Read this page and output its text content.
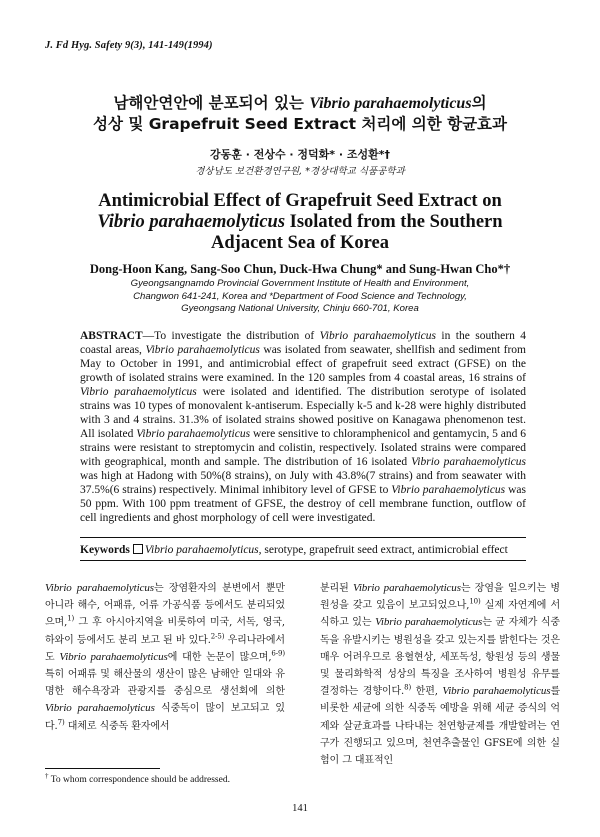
J. Fd Hyg. Safety 9(3), 141-149(1994)
남해안연안에 분포되어 있는 Vibrio parahaemolyticus의
성상 및 Grapefruit Seed Extract 처리에 의한 항균효과
강동훈 · 전상수 · 정덕화* · 조성환*†
경상남도 보건환경연구원, *경상대학교 식품공학과
Antimicrobial Effect of Grapefruit Seed Extract on
Vibrio parahaemolyticus Isolated from the Southern
Adjacent Sea of Korea
Dong-Hoon Kang, Sang-Soo Chun, Duck-Hwa Chung* and Sung-Hwan Cho*†
Gyeongsangnamdo Provincial Government Institute of Health and Environment,
Changwon 641-241, Korea and *Department of Food Science and Technology,
Gyeongsang National University, Chinju 660-701, Korea
ABSTRACT—To investigate the distribution of Vibrio parahaemolyticus in the southern 4 coastal areas, Vibrio parahaemolyticus was isolated from seawater, shellfish and sediment from May to October in 1991, and antimicrobial effect of grapefruit seed extract (GFSE) on the growth of isolated strains were examined. In the 120 samples from 4 coastal areas, 16 strains of Vibrio parahaemolyticus were isolated and identified. The distribution serotype of isolated strains was 10 types of monovalent k-antiserum. Especially k-5 and k-28 were highly distributed with 3 and 4 strains. 31.3% of isolated strains showed positive on Kanagawa phenomenon test. All isolated Vibrio parahaemolyticus were sensitive to chloramphenicol and gentamycin, 5 and 6 strains were resistant to streptomycin and colistin, respectively. Isolated strains were compared with geographical, month and sample. The distribution of 16 isolated Vibrio parahaemolyticus was high at Hadong with 50%(8 strains), on July with 43.8%(7 strains) and from seawater with 37.5%(6 strains) respectively. Minimal inhibitory level of GFSE to Vibrio parahaemolyticus was 50 ppm. With 100 ppm treatment of GFSE, the destroy of cell membrane function, outflow of cell ingredients and ghost morphology of cell were investigated.
Keywords Vibrio parahaemolyticus, serotype, grapefruit seed extract, antimicrobial effect
Vibrio parahaemolyticus는 장염환자의 분변에서 뿐만 아니라 해수, 어패류, 어류 가공식품 등에서도 분리되었으며,$^{1)}$ 그 후 아시아지역을 비롯하여 미국, 서독, 영국, 하와이 등에서도 분리 보고 된 바 있다.$^{2-5)}$ 우리나라에서도 Vibrio parahaemolyticus에 대한 논문이 많으며,$^{6-9)}$ 특히 어패류 및 해산물의 생산이 많은 남해안 일대와 유명한 해수욕장과 관광지를 중심으로 생선회에 의한 Vibrio parahaemolyticus 식중독이 많이 보고되고 있다.$^{7)}$ 대체로 식중독 환자에서
분리된 Vibrio parahaemolyticus는 장염을 일으키는 병원성을 갖고 있음이 보고되었으나,$^{10)}$ 실제 자연계에 서식하고 있는 Vibrio parahaemolyticus는 균 자체가 식중독을 유발시키는 병원성을 갖고 있는지를 밝힌다는 것은 매우 어려우므로 용혈현상, 세포독성, 항원성 등의 생물 및 물리화학적 성상의 특징을 조사하여 병원성 유무를 결정하는 경향이다.$^{8)}$ 한편, Vibrio parahaemolyticus를 비롯한 세균에 의한 식중독 예방을 위해 세균 증식의 억제와 살균효과를 나타내는 천연항균제를 개발할려는 연구가 진행되고 있으며, 천연추출물인 GFSE에 의한 실험이 그 대표적인
† To whom correspondence should be addressed.
141
